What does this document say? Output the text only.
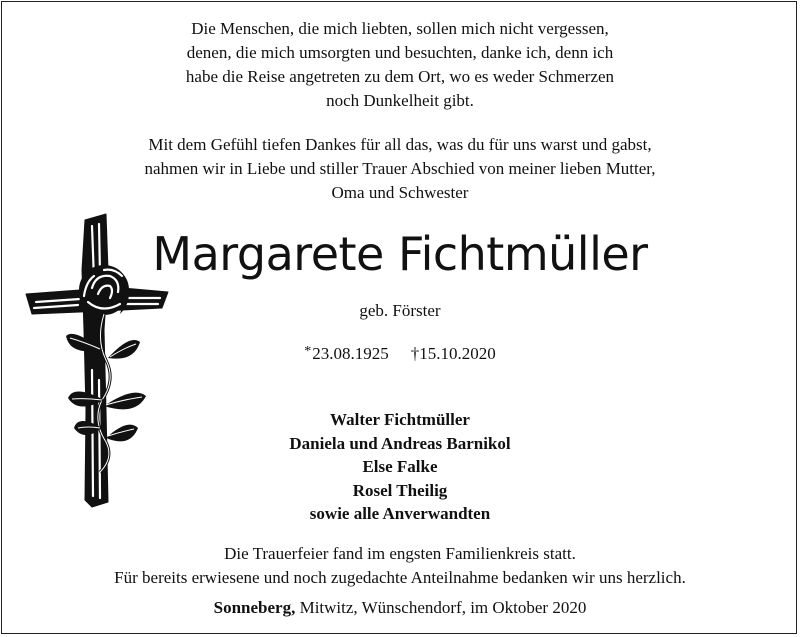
Die Menschen, die mich liebten, sollen mich nicht vergessen,
denen, die mich umsorgten und besuchten, danke ich, denn ich
habe die Reise angetreten zu dem Ort, wo es weder Schmerzen
noch Dunkelheit gibt.
Mit dem Gefühl tiefen Dankes für all das, was du für uns warst und gabst,
nahmen wir in Liebe und stiller Trauer Abschied von meiner lieben Mutter,
Oma und Schwester
Margarete Fichtmüller
geb. Förster
*23.08.1925 †15.10.2020
Walter Fichtmüller
Daniela und Andreas Barnikol
Else Falke
Rosel Theilig
sowie alle Anverwandten
Die Trauerfeier fand im engsten Familienkreis statt.
Für bereits erwiesene und noch zugedachte Anteilnahme bedanken wir uns herzlich.
Sonneberg, Mitwitz, Wünschendorf, im Oktober 2020
